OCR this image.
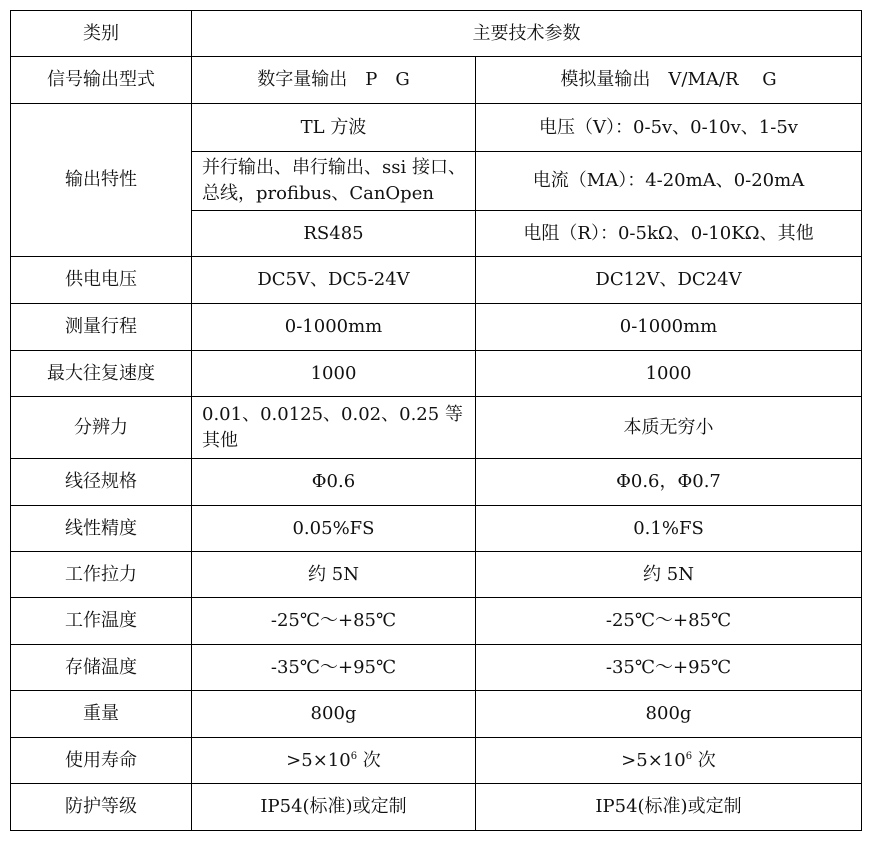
类别	主要技术参数	
信号输出型式	数字量输出　P　G	模拟量输出　V/MA/R　 G
输出特性	TL 方波	电压（V）：0-5v、0-10v、1-5v
	并行输出、串行输出、ssi 接口、总线，profibus、CanOpen	电流（MA）：4-20mA、0-20mA
	RS485	电阻（R）：0-5kΩ、0-10KΩ、其他
供电电压	DC5V、DC5-24V	DC12V、DC24V
测量行程	0-1000mm	0-1000mm
最大往复速度	1000	1000
分辨力	0.01、0.0125、0.02、0.25 等其他	本质无穷小
线径规格	Φ0.6	Φ0.6，Φ0.7
线性精度	0.05%FS	0.1%FS
工作拉力	约 5N	约 5N
工作温度	-25℃～+85℃	-25℃～+85℃
存储温度	-35℃～+95℃	-35℃～+95℃
重量	800g	800g
使用寿命	$>5\times 10^6$ 次	$>5\times 10^6$ 次
防护等级	IP54(标准)或定制	IP54(标准)或定制
